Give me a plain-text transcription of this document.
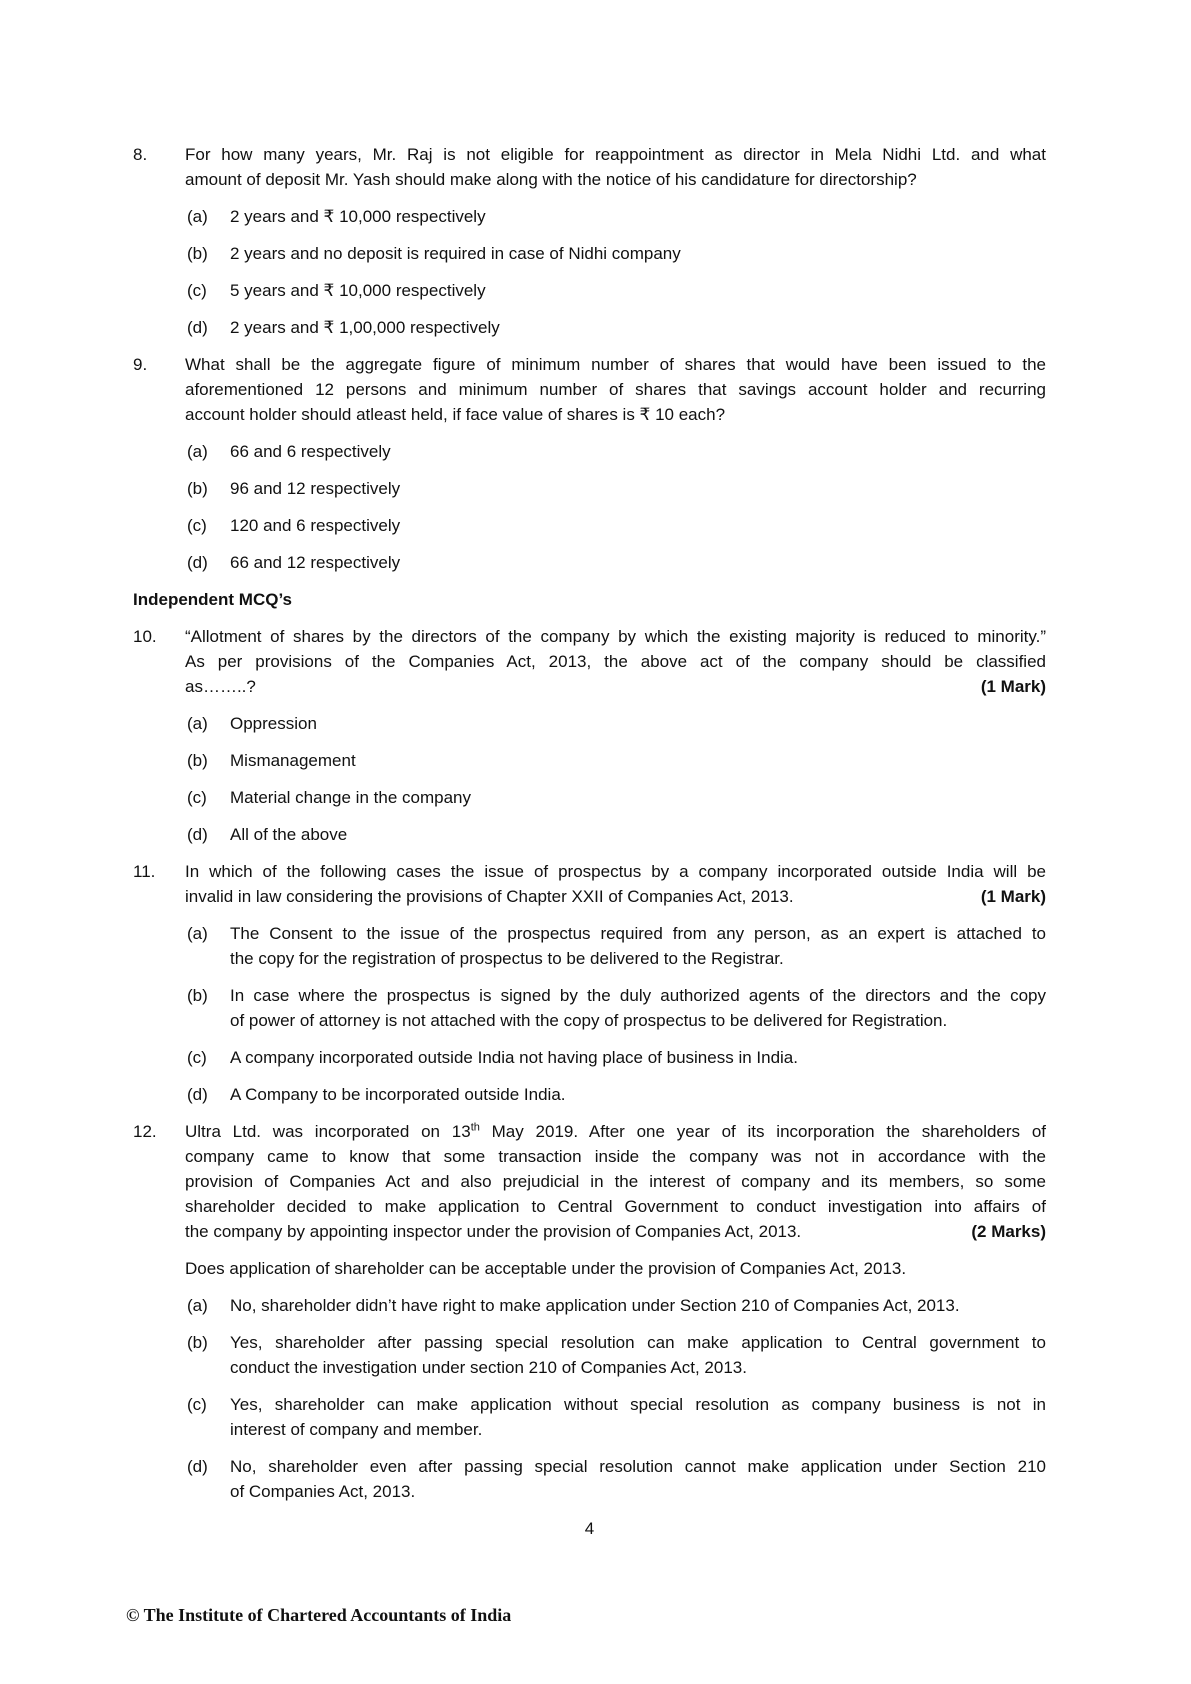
8.	For how many years, Mr. Raj is not eligible for reappointment as director in Mela Nidhi Ltd. and what
amount of deposit Mr. Yash should make along with the notice of his candidature for directorship?
(a)	2 years and ₹ 10,000 respectively
(b)	2 years and no deposit is required in case of Nidhi company
(c)	5 years and ₹ 10,000 respectively
(d)	2 years and ₹ 1,00,000 respectively
9.	What shall be the aggregate figure of minimum number of shares that would have been issued to the
aforementioned 12 persons and minimum number of shares that savings account holder and recurring
account holder should atleast held, if face value of shares is ₹ 10 each?
(a)	66 and 6 respectively
(b)	96 and 12 respectively
(c)	120 and 6 respectively
(d)	66 and 12 respectively
Independent MCQ’s
10.	“Allotment of shares by the directors of the company by which the existing majority is reduced to minority.”
As per provisions of the Companies Act, 2013, the above act of the company should be classified
as……..?	(1 Mark)
(a)	Oppression
(b)	Mismanagement
(c)	Material change in the company
(d)	All of the above
11.	In which of the following cases the issue of prospectus by a company incorporated outside India will be
invalid in law considering the provisions of Chapter XXII of Companies Act, 2013.	(1 Mark)
(a)	The Consent to the issue of the prospectus required from any person, as an expert is attached to
the copy for the registration of prospectus to be delivered to the Registrar.
(b)	In case where the prospectus is signed by the duly authorized agents of the directors and the copy
of power of attorney is not attached with the copy of prospectus to be delivered for Registration.
(c)	A company incorporated outside India not having place of business in India.
(d)	A Company to be incorporated outside India.
12.	Ultra Ltd. was incorporated on 13th May 2019. After one year of its incorporation the shareholders of
company came to know that some transaction inside the company was not in accordance with the
provision of Companies Act and also prejudicial in the interest of company and its members, so some
shareholder decided to make application to Central Government to conduct investigation into affairs of
the company by appointing inspector under the provision of Companies Act, 2013.	(2 Marks)
Does application of shareholder can be acceptable under the provision of Companies Act, 2013.
(a)	No, shareholder didn’t have right to make application under Section 210 of Companies Act, 2013.
(b)	Yes, shareholder after passing special resolution can make application to Central government to
conduct the investigation under section 210 of Companies Act, 2013.
(c)	Yes, shareholder can make application without special resolution as company business is not in
interest of company and member.
(d)	No, shareholder even after passing special resolution cannot make application under Section 210
of Companies Act, 2013.
4
© The Institute of Chartered Accountants of India
